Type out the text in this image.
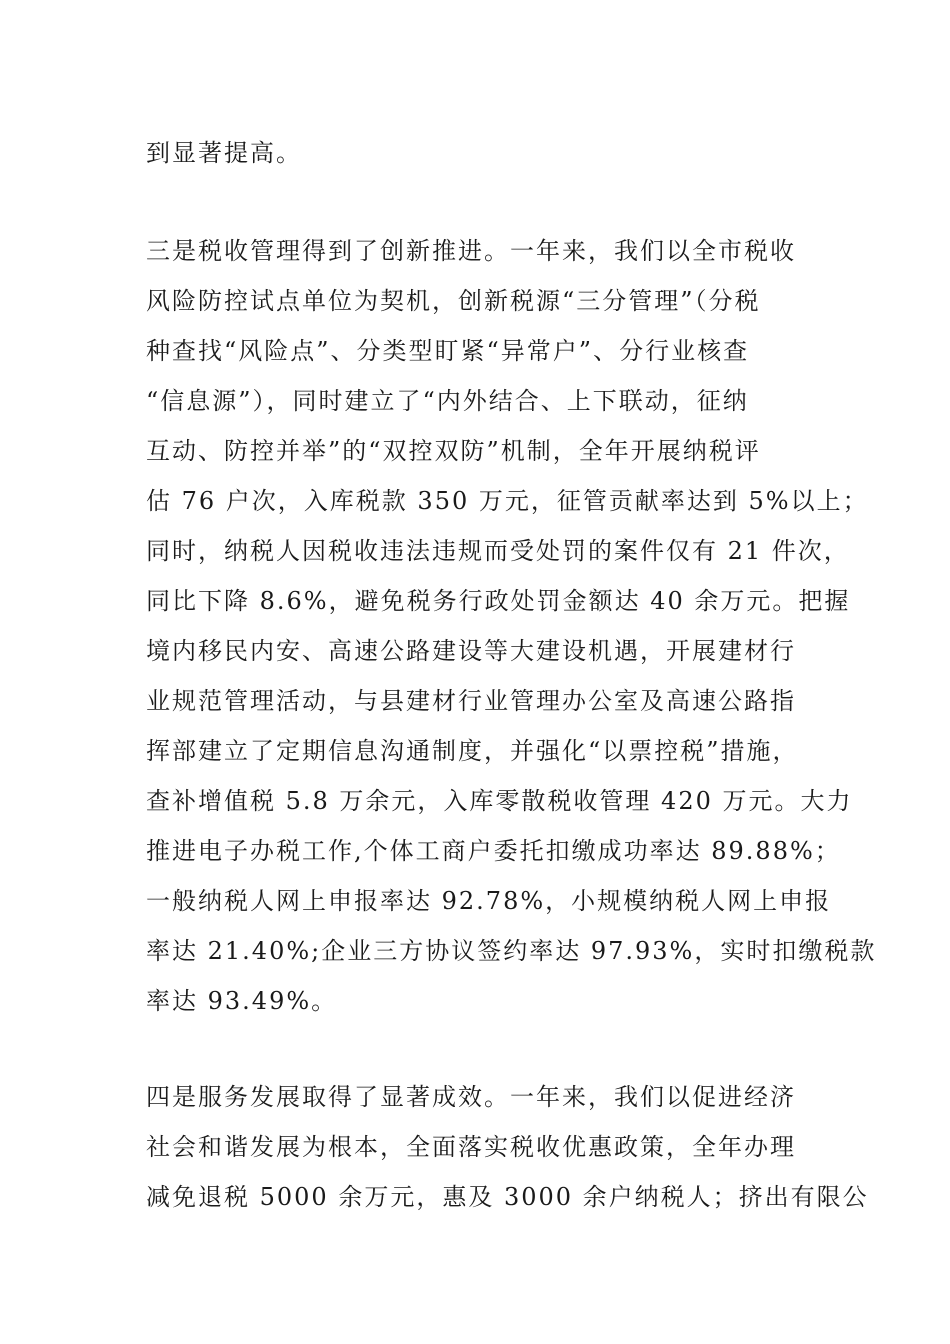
到显著提高。
三是税收管理得到了创新推进。一年来，我们以全市税收
风险防控试点单位为契机，创新税源“三分管理”（分税
种查找“风险点”、分类型盯紧“异常户”、分行业核查
“信息源”），同时建立了“内外结合、上下联动，征纳
互动、防控并举”的“双控双防”机制，全年开展纳税评
估 76 户次，入库税款 350 万元，征管贡献率达到 5%以上；
同时，纳税人因税收违法违规而受处罚的案件仅有 21 件次，
同比下降 8.6%，避免税务行政处罚金额达 40 余万元。把握
境内移民内安、高速公路建设等大建设机遇，开展建材行
业规范管理活动，与县建材行业管理办公室及高速公路指
挥部建立了定期信息沟通制度，并强化“以票控税”措施，
查补增值税 5.8 万余元，入库零散税收管理 420 万元。大力
推进电子办税工作,个体工商户委托扣缴成功率达 89.88%；
一般纳税人网上申报率达 92.78%，小规模纳税人网上申报
率达 21.40%;企业三方协议签约率达 97.93%，实时扣缴税款
率达 93.49%。
四是服务发展取得了显著成效。一年来，我们以促进经济
社会和谐发展为根本，全面落实税收优惠政策，全年办理
减免退税 5000 余万元，惠及 3000 余户纳税人；挤出有限公
